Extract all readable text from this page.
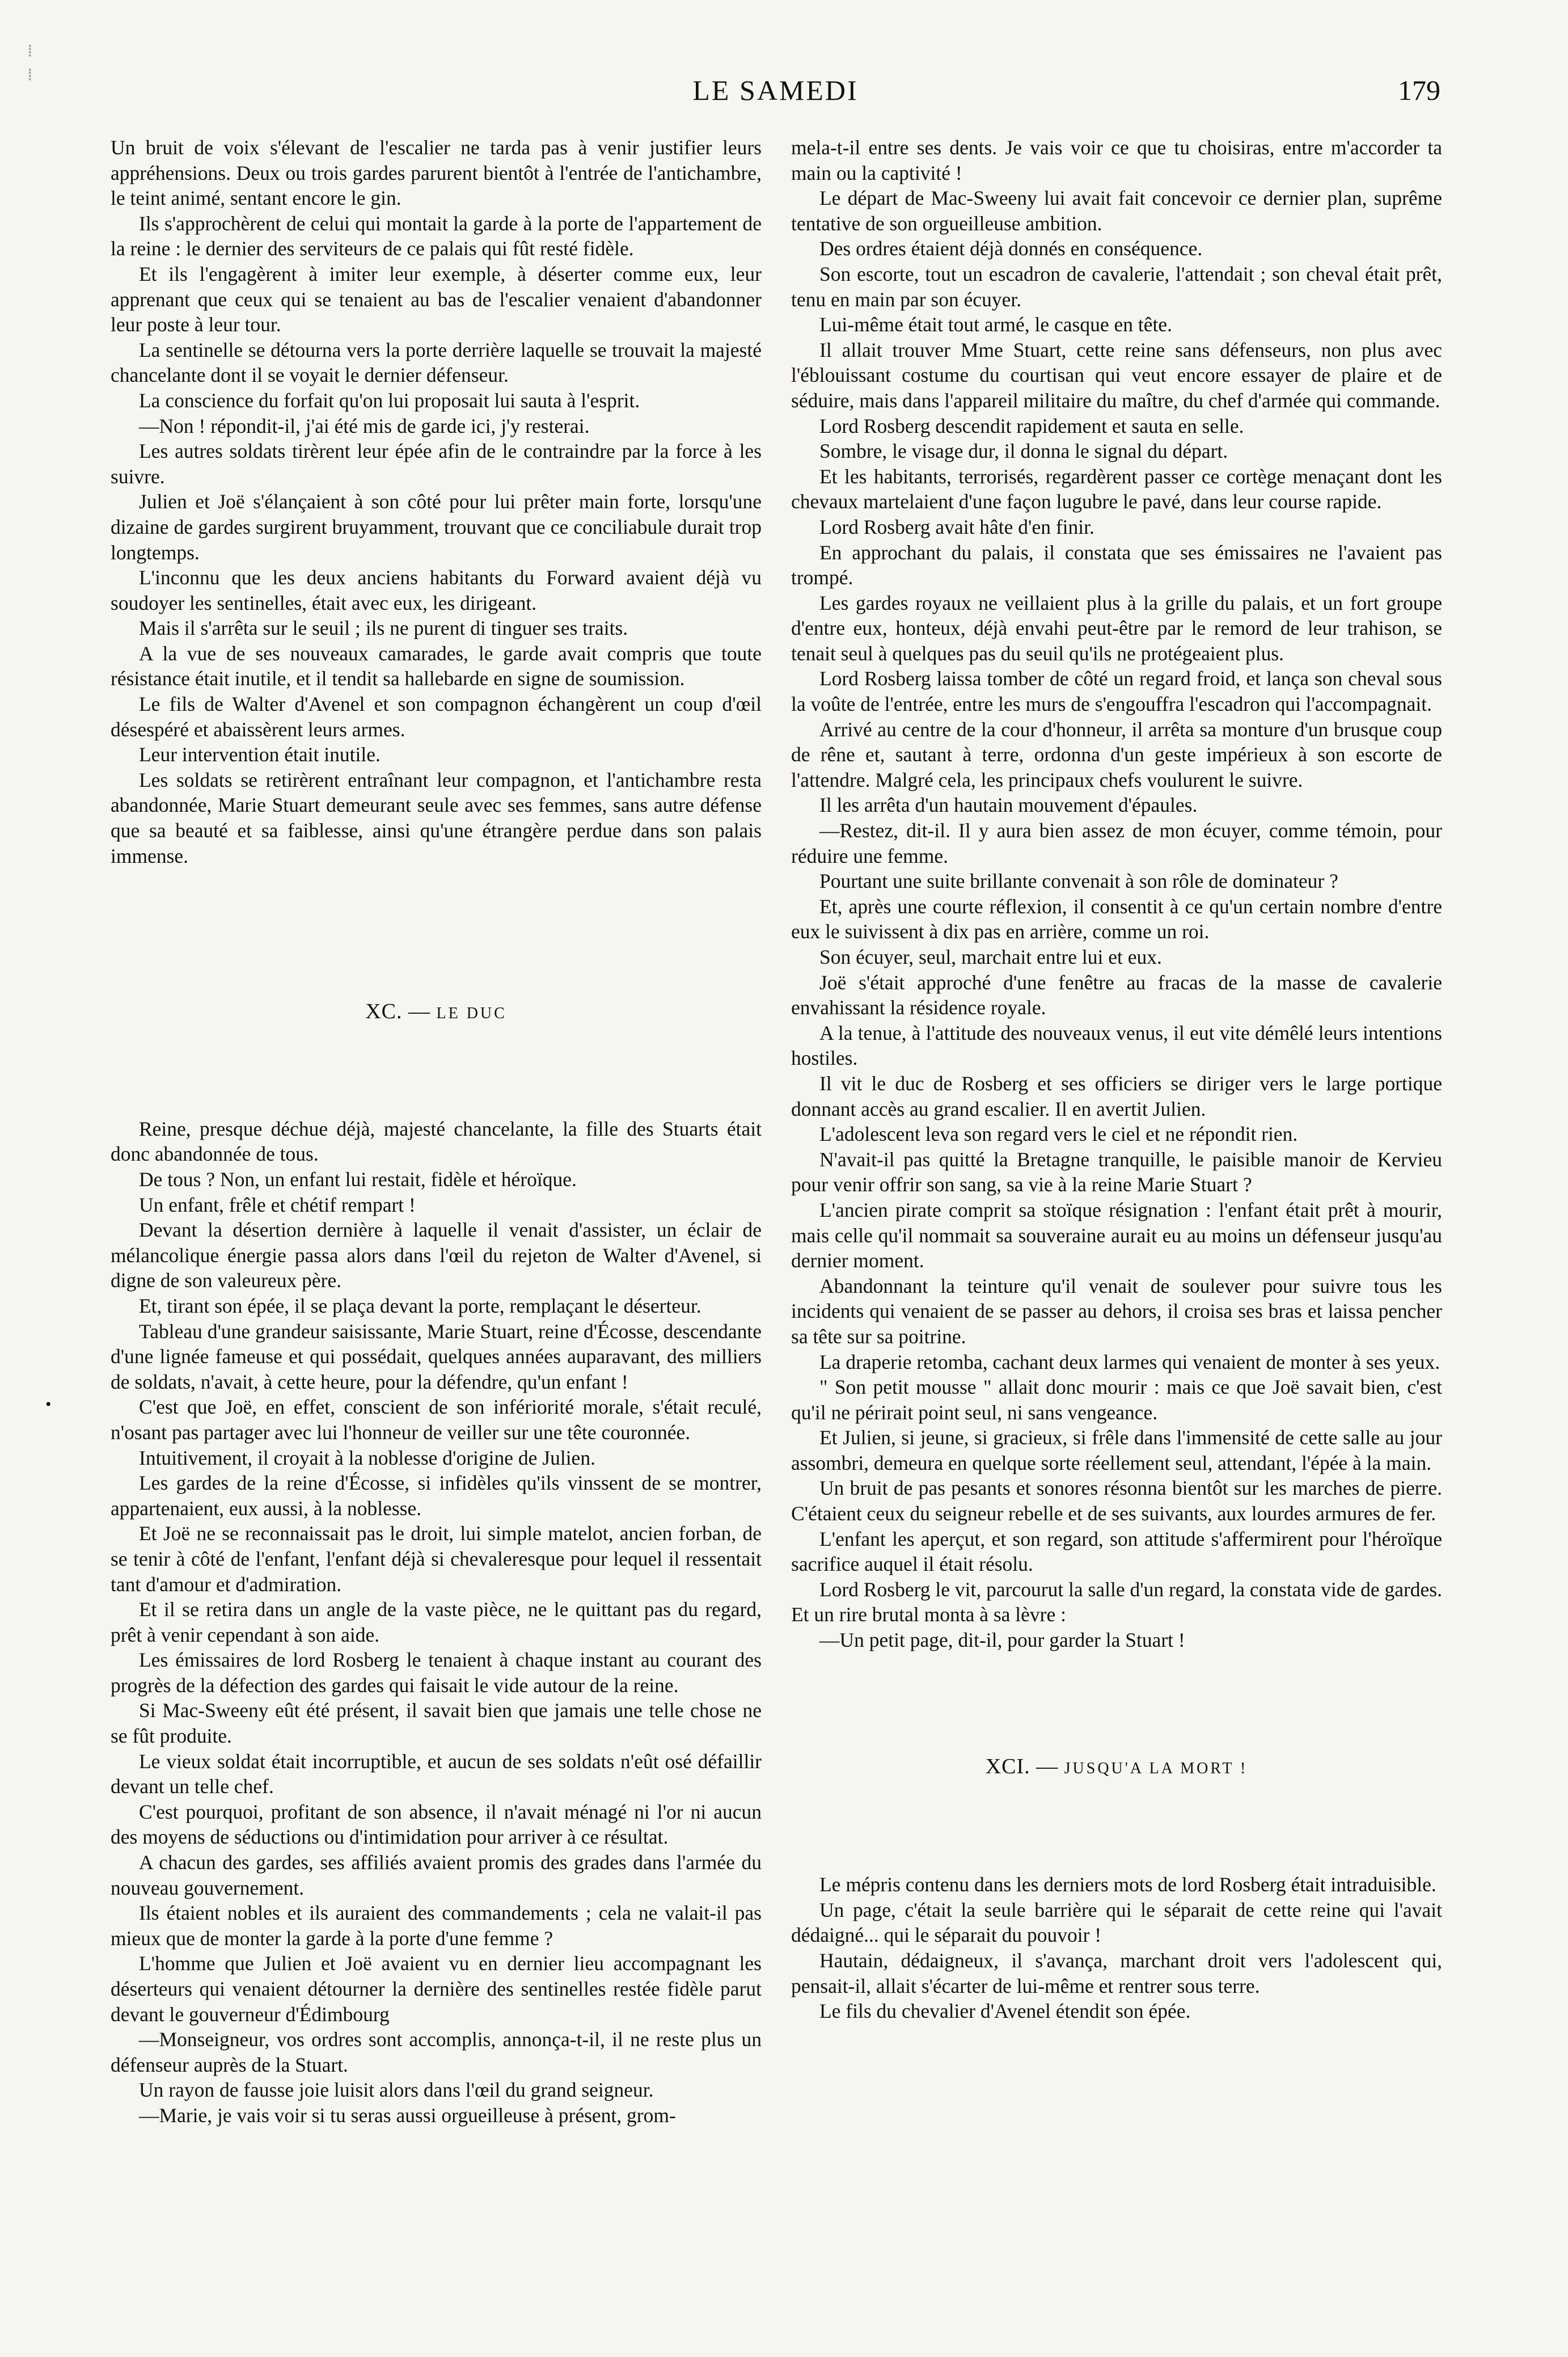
⁞
⁞	LE SAMEDI	179

Un bruit de voix s'élevant de l'escalier ne tarda pas à venir justifier leurs appréhensions. Deux ou trois gardes parurent bientôt à l'entrée de l'antichambre, le teint animé, sentant encore le gin.

Ils s'approchèrent de celui qui montait la garde à la porte de l'appartement de la reine : le dernier des serviteurs de ce palais qui fût resté fidèle.

Et ils l'engagèrent à imiter leur exemple, à déserter comme eux, leur apprenant que ceux qui se tenaient au bas de l'escalier venaient d'abandonner leur poste à leur tour.

La sentinelle se détourna vers la porte derrière laquelle se trouvait la majesté chancelante dont il se voyait le dernier défenseur.

La conscience du forfait qu'on lui proposait lui sauta à l'esprit.

—Non ! répondit-il, j'ai été mis de garde ici, j'y resterai.

Les autres soldats tirèrent leur épée afin de le contraindre par la force à les suivre.

Julien et Joë s'élançaient à son côté pour lui prêter main forte, lorsqu'une dizaine de gardes surgirent bruyamment, trouvant que ce conciliabule durait trop longtemps.

L'inconnu que les deux anciens habitants du Forward avaient déjà vu soudoyer les sentinelles, était avec eux, les dirigeant.

Mais il s'arrêta sur le seuil ; ils ne purent di tinguer ses traits.

A la vue de ses nouveaux camarades, le garde avait compris que toute résistance était inutile, et il tendit sa hallebarde en signe de soumission.

Le fils de Walter d'Avenel et son compagnon échangèrent un coup d'œil désespéré et abaissèrent leurs armes.

Leur intervention était inutile.

Les soldats se retirèrent entraînant leur compagnon, et l'antichambre resta abandonnée, Marie Stuart demeurant seule avec ses femmes, sans autre défense que sa beauté et sa faiblesse, ainsi qu'une étrangère perdue dans son palais immense.

XC. — LE DUC

Reine, presque déchue déjà, majesté chancelante, la fille des Stuarts était donc abandonnée de tous.

De tous ? Non, un enfant lui restait, fidèle et héroïque.

Un enfant, frêle et chétif rempart !

Devant la désertion dernière à laquelle il venait d'assister, un éclair de mélancolique énergie passa alors dans l'œil du rejeton de Walter d'Avenel, si digne de son valeureux père.

Et, tirant son épée, il se plaça devant la porte, remplaçant le déserteur.

Tableau d'une grandeur saisissante, Marie Stuart, reine d'Écosse, descendante d'une lignée fameuse et qui possédait, quelques années auparavant, des milliers de soldats, n'avait, à cette heure, pour la défendre, qu'un enfant !

C'est que Joë, en effet, conscient de son infériorité morale, s'était reculé, n'osant pas partager avec lui l'honneur de veiller sur une tête couronnée.

Intuitivement, il croyait à la noblesse d'origine de Julien.

Les gardes de la reine d'Écosse, si infidèles qu'ils vinssent de se montrer, appartenaient, eux aussi, à la noblesse.

Et Joë ne se reconnaissait pas le droit, lui simple matelot, ancien forban, de se tenir à côté de l'enfant, l'enfant déjà si chevaleresque pour lequel il ressentait tant d'amour et d'admiration.

Et il se retira dans un angle de la vaste pièce, ne le quittant pas du regard, prêt à venir cependant à son aide.

Les émissaires de lord Rosberg le tenaient à chaque instant au courant des progrès de la défection des gardes qui faisait le vide autour de la reine.

Si Mac-Sweeny eût été présent, il savait bien que jamais une telle chose ne se fût produite.

Le vieux soldat était incorruptible, et aucun de ses soldats n'eût osé défaillir devant un telle chef.

C'est pourquoi, profitant de son absence, il n'avait ménagé ni l'or ni aucun des moyens de séductions ou d'intimidation pour arriver à ce résultat.

A chacun des gardes, ses affiliés avaient promis des grades dans l'armée du nouveau gouvernement.

Ils étaient nobles et ils auraient des commandements ; cela ne valait-il pas mieux que de monter la garde à la porte d'une femme ?

L'homme que Julien et Joë avaient vu en dernier lieu accompagnant les déserteurs qui venaient détourner la dernière des sentinelles restée fidèle parut devant le gouverneur d'Édimbourg

—Monseigneur, vos ordres sont accomplis, annonça-t-il, il ne reste plus un défenseur auprès de la Stuart.

Un rayon de fausse joie luisit alors dans l'œil du grand seigneur.

—Marie, je vais voir si tu seras aussi orgueilleuse à présent, grom-

mela-t-il entre ses dents. Je vais voir ce que tu choisiras, entre m'accorder ta main ou la captivité !

Le départ de Mac-Sweeny lui avait fait concevoir ce dernier plan, suprême tentative de son orgueilleuse ambition.

Des ordres étaient déjà donnés en conséquence.

Son escorte, tout un escadron de cavalerie, l'attendait ; son cheval était prêt, tenu en main par son écuyer.

Lui-même était tout armé, le casque en tête.

Il allait trouver Mme Stuart, cette reine sans défenseurs, non plus avec l'éblouissant costume du courtisan qui veut encore essayer de plaire et de séduire, mais dans l'appareil militaire du maître, du chef d'armée qui commande.

Lord Rosberg descendit rapidement et sauta en selle.

Sombre, le visage dur, il donna le signal du départ.

Et les habitants, terrorisés, regardèrent passer ce cortège menaçant dont les chevaux martelaient d'une façon lugubre le pavé, dans leur course rapide.

Lord Rosberg avait hâte d'en finir.

En approchant du palais, il constata que ses émissaires ne l'avaient pas trompé.

Les gardes royaux ne veillaient plus à la grille du palais, et un fort groupe d'entre eux, honteux, déjà envahi peut-être par le remord de leur trahison, se tenait seul à quelques pas du seuil qu'ils ne protégeaient plus.

Lord Rosberg laissa tomber de côté un regard froid, et lança son cheval sous la voûte de l'entrée, entre les murs de s'engouffra l'escadron qui l'accompagnait.

Arrivé au centre de la cour d'honneur, il arrêta sa monture d'un brusque coup de rêne et, sautant à terre, ordonna d'un geste impérieux à son escorte de l'attendre. Malgré cela, les principaux chefs voulurent le suivre.

Il les arrêta d'un hautain mouvement d'épaules.

—Restez, dit-il. Il y aura bien assez de mon écuyer, comme témoin, pour réduire une femme.

Pourtant une suite brillante convenait à son rôle de dominateur ?

Et, après une courte réflexion, il consentit à ce qu'un certain nombre d'entre eux le suivissent à dix pas en arrière, comme un roi.

Son écuyer, seul, marchait entre lui et eux.

Joë s'était approché d'une fenêtre au fracas de la masse de cavalerie envahissant la résidence royale.

A la tenue, à l'attitude des nouveaux venus, il eut vite démêlé leurs intentions hostiles.

Il vit le duc de Rosberg et ses officiers se diriger vers le large portique donnant accès au grand escalier. Il en avertit Julien.

L'adolescent leva son regard vers le ciel et ne répondit rien.

N'avait-il pas quitté la Bretagne tranquille, le paisible manoir de Kervieu pour venir offrir son sang, sa vie à la reine Marie Stuart ?

L'ancien pirate comprit sa stoïque résignation : l'enfant était prêt à mourir, mais celle qu'il nommait sa souveraine aurait eu au moins un défenseur jusqu'au dernier moment.

Abandonnant la teinture qu'il venait de soulever pour suivre tous les incidents qui venaient de se passer au dehors, il croisa ses bras et laissa pencher sa tête sur sa poitrine.

La draperie retomba, cachant deux larmes qui venaient de monter à ses yeux.

" Son petit mousse " allait donc mourir : mais ce que Joë savait bien, c'est qu'il ne périrait point seul, ni sans vengeance.

Et Julien, si jeune, si gracieux, si frêle dans l'immensité de cette salle au jour assombri, demeura en quelque sorte réellement seul, attendant, l'épée à la main.

Un bruit de pas pesants et sonores résonna bientôt sur les marches de pierre. C'étaient ceux du seigneur rebelle et de ses suivants, aux lourdes armures de fer.

L'enfant les aperçut, et son regard, son attitude s'affermirent pour l'héroïque sacrifice auquel il était résolu.

Lord Rosberg le vit, parcourut la salle d'un regard, la constata vide de gardes. Et un rire brutal monta à sa lèvre :

—Un petit page, dit-il, pour garder la Stuart !

XCI. — JUSQU'A LA MORT !

Le mépris contenu dans les derniers mots de lord Rosberg était intraduisible.

Un page, c'était la seule barrière qui le séparait de cette reine qui l'avait dédaigné... qui le séparait du pouvoir !

Hautain, dédaigneux, il s'avança, marchant droit vers l'adolescent qui, pensait-il, allait s'écarter de lui-même et rentrer sous terre.

Le fils du chevalier d'Avenel étendit son épée.

•
